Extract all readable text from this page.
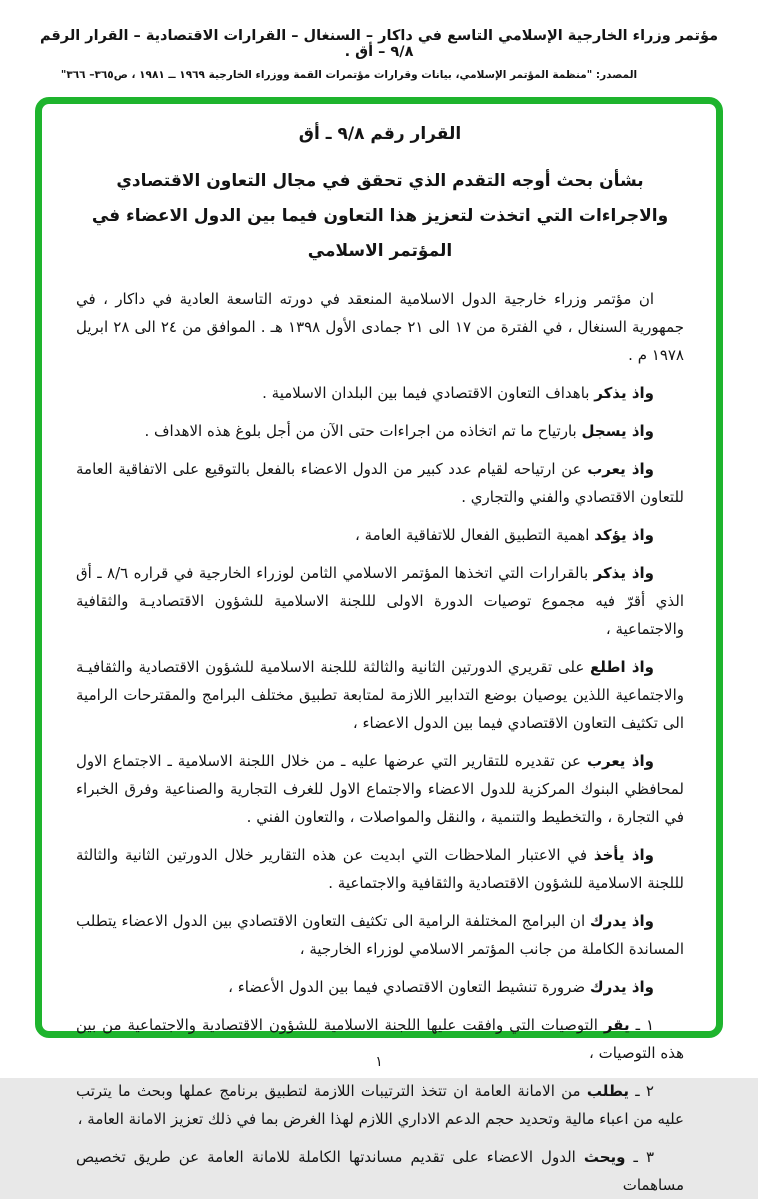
مؤتمر وزراء الخارجية الإسلامي التاسع في داكار – السنغال – القرارات الاقتصادية – القرار الرقم ٩/٨ – أق .
المصدر: "منظمة المؤتمر الإسلامي، بيانات وقرارات مؤتمرات القمة ووزراء الخارجية ١٩٦٩ ــ ١٩٨١ ، ص٣٦٥– ٣٦٦"
القرار رقم ٩/٨ ـ أق
بشأن بحث أوجه التقدم الذي تحقق في مجال التعاون الاقتصادي والاجراءات التي اتخذت لتعزيز هذا التعاون فيما بين الدول الاعضاء في المؤتمر الاسلامي

ان مؤتمر وزراء خارجية الدول الاسلامية المنعقد في دورته التاسعة العادية في داكار ، في جمهورية السنغال ، في الفترة من ١٧ الى ٢١ جمادى الأول ١٣٩٨ هـ . الموافق من ٢٤ الى ٢٨ ابريل ١٩٧٨ م .

واذ يذكر باهداف التعاون الاقتصادي فيما بين البلدان الاسلامية .

واذ يسجل بارتياح ما تم اتخاذه من اجراءات حتى الآن من أجل بلوغ هذه الاهداف .

واذ يعرب عن ارتياحه لقيام عدد كبير من الدول الاعضاء بالفعل بالتوقيع على الاتفاقية العامة للتعاون الاقتصادي والفني والتجاري .

واذ يؤكد اهمية التطبيق الفعال للاتفاقية العامة ،

واذ يذكر بالقرارات التي اتخذها المؤتمر الاسلامي الثامن لوزراء الخارجية في قراره ٨/٦ ـ أق الذي أقرّ فيه مجموع توصيات الدورة الاولى لللجنة الاسلامية للشؤون الاقتصاديـة والثقافية والاجتماعية ،

واذ اطلع على تقريري الدورتين الثانية والثالثة لللجنة الاسلامية للشؤون الاقتصادية والثقافيـة والاجتماعية اللذين يوصيان بوضع التدابير اللازمة لمتابعة تطبيق مختلف البرامج والمقترحات الرامية الى تكثيف التعاون الاقتصادي فيما بين الدول الاعضاء ،

واذ يعرب عن تقديره للتقارير التي عرضها عليه ـ من خلال اللجنة الاسلامية ـ الاجتماع الاول لمحافظي البنوك المركزية للدول الاعضاء والاجتماع الاول للغرف التجارية والصناعية وفرق الخبراء في التجارة ، والتخطيط والتنمية ، والنقل والمواصلات ، والتعاون الفني .

واذ يأخذ في الاعتبار الملاحظات التي ابديت عن هذه التقارير خلال الدورتين الثانية والثالثة لللجنة الاسلامية للشؤون الاقتصادية والثقافية والاجتماعية .

واذ يدرك ان البرامج المختلفة الرامية الى تكثيف التعاون الاقتصادي بين الدول الاعضاء يتطلب المساندة الكاملة من جانب المؤتمر الاسلامي لوزراء الخارجية ،

واذ يدرك ضرورة تنشيط التعاون الاقتصادي فيما بين الدول الأعضاء ،

١ ـ يقر التوصيات التي وافقت عليها اللجنة الاسلامية للشؤون الاقتصادية والاجتماعية من بين هذه التوصيات ،

٢ ـ يطلب من الامانة العامة ان تتخذ الترتيبات اللازمة لتطبيق برنامج عملها وبحث ما يترتب عليه من اعباء مالية وتحديد حجم الدعم الاداري اللازم لهذا الغرض بما في ذلك تعزيز الامانة العامة ،

٣ ـ ويحث الدول الاعضاء على تقديم مساندتها الكاملة للامانة العامة عن طريق تخصيص مساهمات

١
